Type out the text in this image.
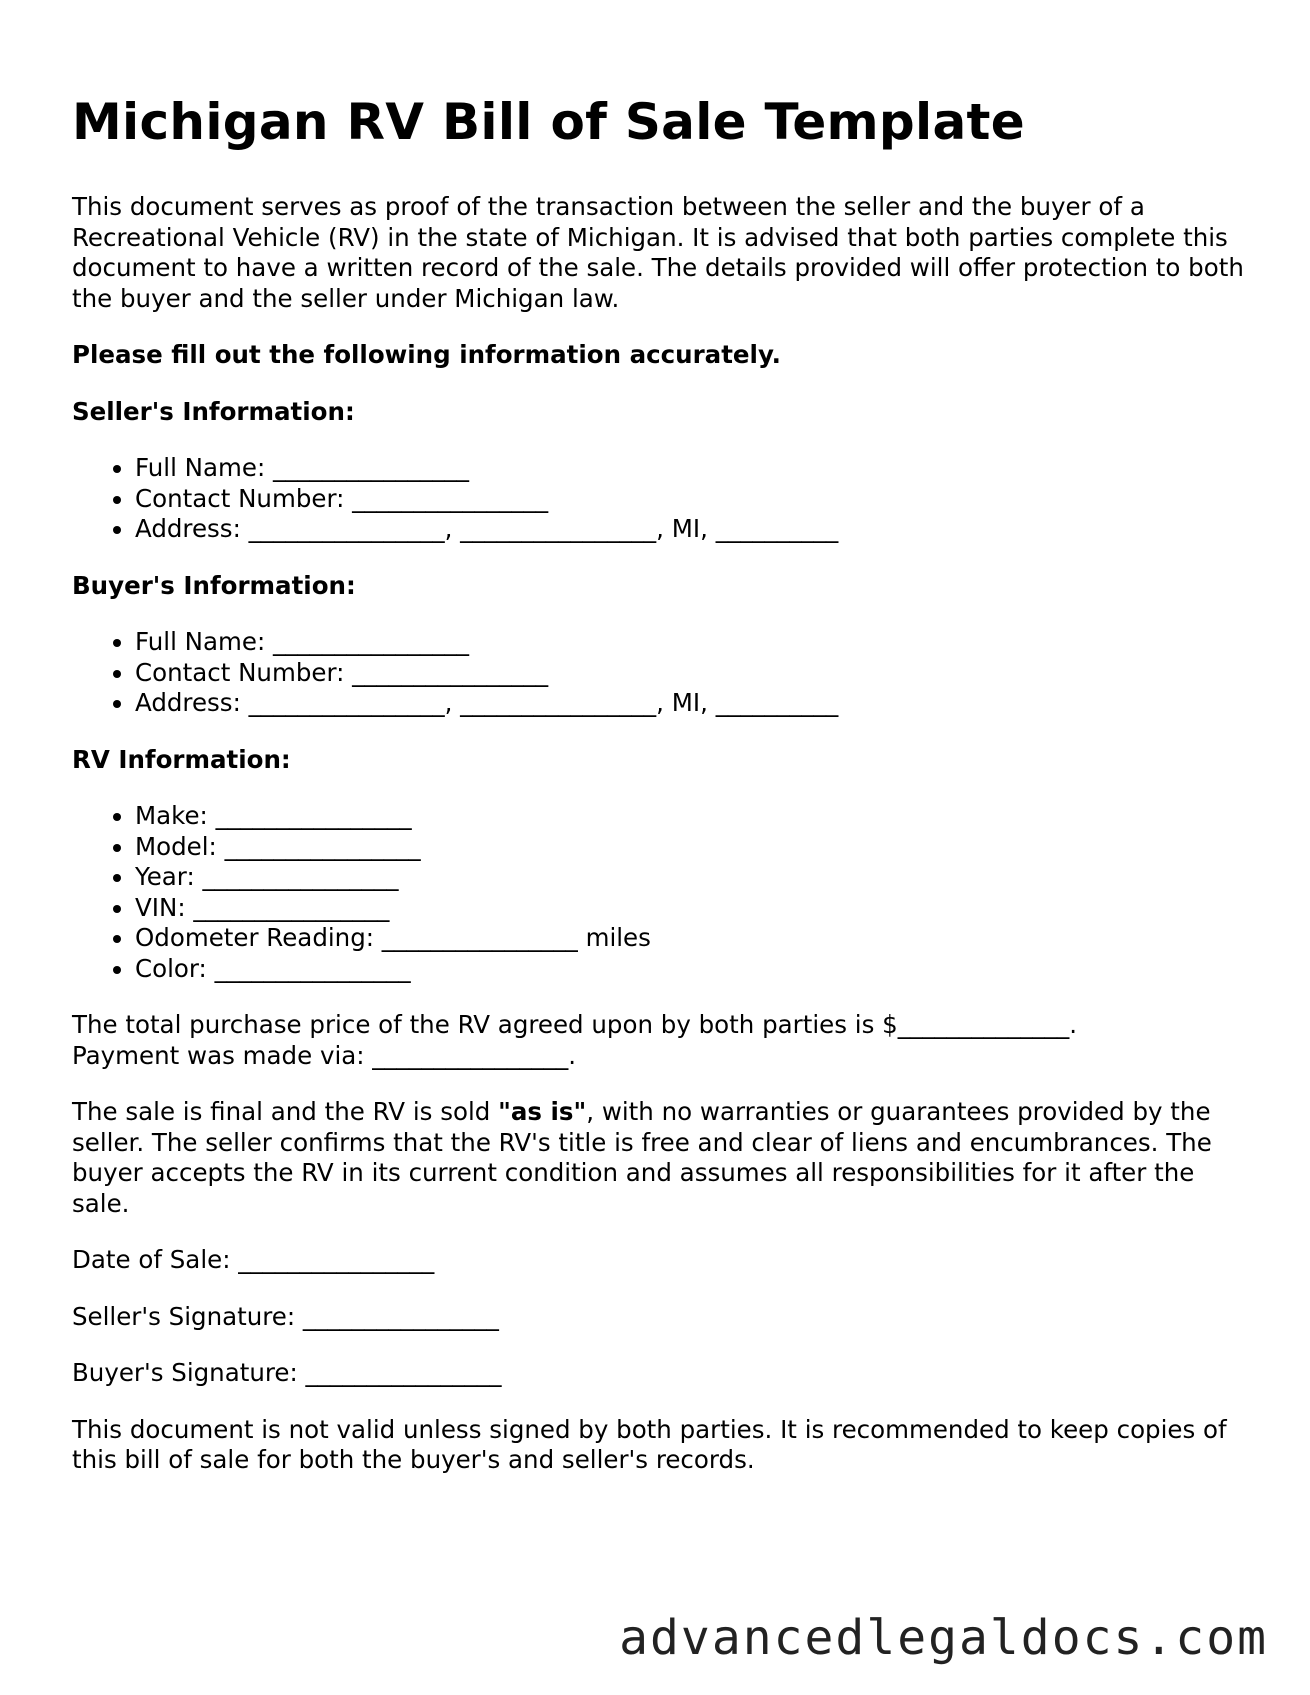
Michigan RV Bill of Sale Template

This document serves as proof of the transaction between the seller and the buyer of a Recreational Vehicle (RV) in the state of Michigan. It is advised that both parties complete this document to have a written record of the sale. The details provided will offer protection to both the buyer and the seller under Michigan law.

Please fill out the following information accurately.

Seller's Information:

• Full Name: ________________
• Contact Number: ________________
• Address: ________________, ________________, MI, __________

Buyer's Information:

• Full Name: ________________
• Contact Number: ________________
• Address: ________________, ________________, MI, __________

RV Information:

• Make: ________________
• Model: ________________
• Year: ________________
• VIN: ________________
• Odometer Reading: ________________ miles
• Color: ________________

The total purchase price of the RV agreed upon by both parties is $______________.
Payment was made via: ________________.

The sale is final and the RV is sold "as is", with no warranties or guarantees provided by the seller. The seller confirms that the RV's title is free and clear of liens and encumbrances. The buyer accepts the RV in its current condition and assumes all responsibilities for it after the sale.

Date of Sale: ________________

Seller's Signature: ________________

Buyer's Signature: ________________

This document is not valid unless signed by both parties. It is recommended to keep copies of this bill of sale for both the buyer's and seller's records.

advancedlegaldocs.com
